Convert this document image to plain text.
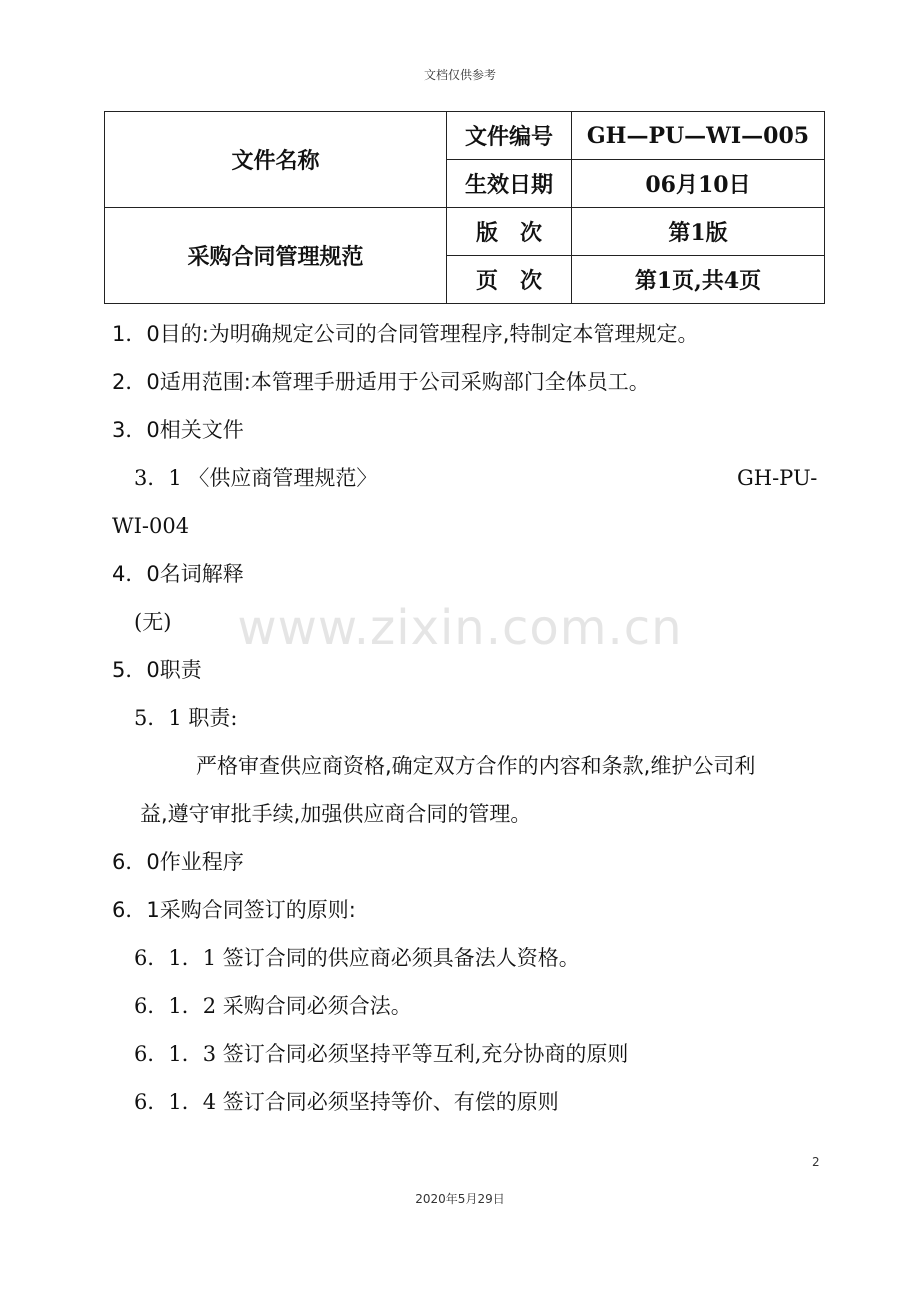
文档仅供参考
文件名称	文件编号	GH—PU—WI—005
	生效日期	06月10日
采购合同管理规范	版　次	第1版
	页　次	第1页,共4页
1．0目的:为明确规定公司的合同管理程序,特制定本管理规定。
2．0适用范围:本管理手册适用于公司采购部门全体员工。
3．0相关文件
3．1 〈供应商管理规范〉	GH-PU-
WI-004
4．0名词解释
(无)
5．0职责
5．1 职责:
严格审查供应商资格,确定双方合作的内容和条款,维护公司利
益,遵守审批手续,加强供应商合同的管理。
6．0作业程序
6．1采购合同签订的原则:
6．1．1 签订合同的供应商必须具备法人资格。
6．1．2 采购合同必须合法。
6．1．3 签订合同必须坚持平等互利,充分协商的原则
6．1．4 签订合同必须坚持等价、有偿的原则
www.zixin.com.cn
2
2020年5月29日
